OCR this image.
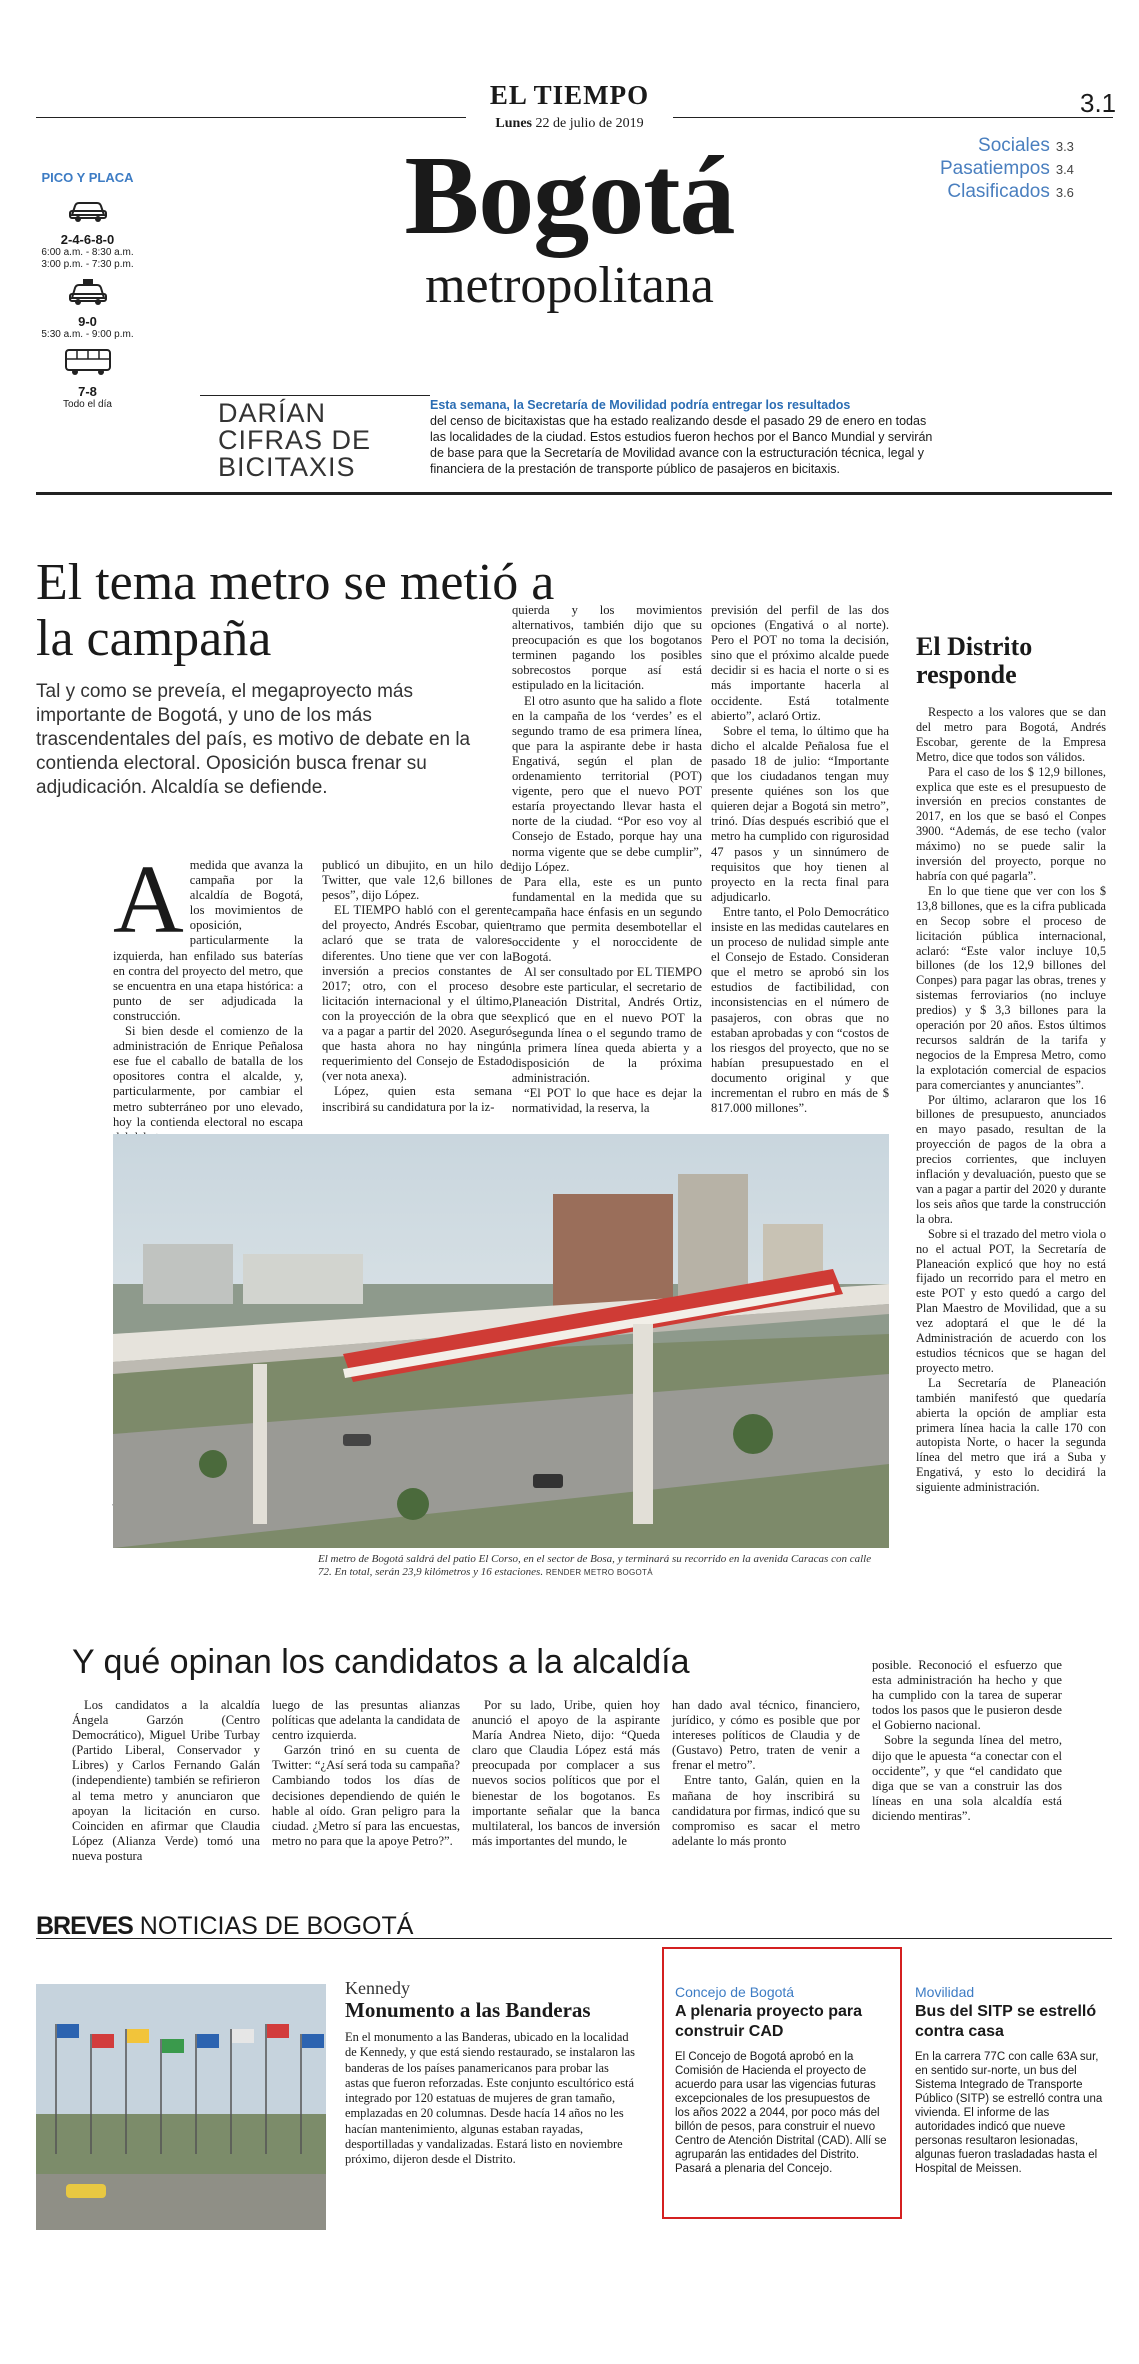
EL TIEMPO
Lunes 22 de julio de 2019
3.1
Sociales 3.3
Pasatiempos 3.4
Clasificados 3.6
Bogotá
metropolitana
PICO Y PLACA
2-4-6-8-0
6:00 a.m. - 8:30 a.m.
3:00 p.m. - 7:30 p.m.
9-0
5:30 a.m. - 9:00 p.m.
7-8
Todo el día	DARÍAN
CIFRAS DE
BICITAXIS
Esta semana, la Secretaría de Movilidad podría entregar los resultados
del censo de bicitaxistas que ha estado realizando desde el pasado 29 de enero en todas las localidades de la ciudad. Estos estudios fueron hechos por el Banco Mundial y servirán de base para que la Secretaría de Movilidad avance con la estructuración técnica, legal y financiera de la prestación de transporte público de pasajeros en bicitaxis.
El tema metro se metió a la campaña
Tal y como se preveía, el megaproyecto más importante de Bogotá, y uno de los más trascendentales del país, es motivo de debate en la contienda electoral. Oposición busca frenar su adjudicación. Alcaldía se defiende.

Amedida que avanza la campaña por la alcaldía de Bogotá, los movimientos de oposición, particularmente la izquierda, han enfilado sus baterías en contra del proyecto del metro, que se encuentra en una etapa histórica: a punto de ser adjudicada la construcción.

Si bien desde el comienzo de la administración de Enrique Peñalosa ese fue el caballo de batalla de los opositores contra el alcalde, y, particularmente, por cambiar el metro subterráneo por uno elevado, hoy la contienda electoral no escapa

publicó un dibujito, en un hilo de Twitter, que vale 12,6 billones de pesos”, dijo López.

EL TIEMPO habló con el gerente del proyecto, Andrés Escobar, quien aclaró que se trata de valores diferentes. Uno tiene que ver con la inversión a precios constantes de 2017; otro, con el proceso de licitación internacional y el último, con la proyección de la obra que se va a pagar a partir del 2020. Aseguró que hasta ahora no hay ningún requerimiento del Consejo de Estado (ver nota anexa).

López, quien esta semana inscribirá su candidatura por la iz-

quierda y los movimientos alternativos, también dijo que su preocupación es que los bogotanos terminen pagando los posibles sobrecostos porque así está estipulado en la licitación.

El otro asunto que ha salido a flote en la campaña de los ‘verdes’ es el segundo tramo de esa primera línea, que para la aspirante debe ir hasta Engativá, según el plan de ordenamiento territorial (POT) vigente, pero que el nuevo POT estaría proyectando llevar hasta el norte de la ciudad. “Por eso voy al Consejo de Estado, porque hay una norma vigente que se debe cumplir”, dijo López.

Para ella, este es un punto fundamental en la medida que su campaña hace énfasis en un segundo tramo que permita desembotellar el occidente y el noroccidente de Bogotá.

Al ser consultado por EL TIEMPO sobre este particular, el secretario de Planeación Distrital, Andrés Ortiz, explicó que en el nuevo POT la segunda línea o el segundo tramo de la primera línea queda abierta y a disposición de la próxima administración.

“El POT lo que hace es dejar la normatividad, la reserva, la

previsión del perfil de las dos opciones (Engativá o al norte). Pero el POT no toma la decisión, sino que el próximo alcalde puede decidir si es hacia el norte o si es más importante hacerla al occidente. Está totalmente abierto”, aclaró Ortiz.

Sobre el tema, lo último que ha dicho el alcalde Peñalosa fue el pasado 18 de julio: “Importante que los ciudadanos tengan muy presente quiénes son los que quieren dejar a Bogotá sin metro”, trinó. Días después escribió que el metro ha cumplido con rigurosidad 47 pasos y un sinnúmero de requisitos que hoy tienen al proyecto en la recta final para adjudicarlo.

Entre tanto, el Polo Democrático insiste en las medidas cautelares en un proceso de nulidad simple ante el Consejo de Estado. Consideran que el metro se aprobó sin los estudios de factibilidad, con inconsistencias en el número de pasajeros, con obras que no estaban aprobadas y con “costos de los riesgos del proyecto, que no se habían presupuestado en el documento original y que incrementan el rubro en más de $ 817.000 millones”.

El metro de Bogotá saldrá del patio El Corso, en el sector de Bosa, y terminará su recorrido en la avenida Caracas con calle 72. En total, serán 23,9 kilómetros y 16 estaciones. RENDER METRO BOGOTÁ
El Distrito responde

Respecto a los valores que se dan del metro para Bogotá, Andrés Escobar, gerente de la Empresa Metro, dice que todos son válidos.

Para el caso de los $ 12,9 billones, explica que este es el presupuesto de inversión en precios constantes de 2017, en los que se basó el Conpes 3900. “Además, de ese techo (valor máximo) no se puede salir la inversión del proyecto, porque no habría con qué pagarla”.

En lo que tiene que ver con los $ 13,8 billones, que es la cifra publicada en Secop sobre el proceso de licitación pública internacional, aclaró: “Este valor incluye 10,5 billones (de los 12,9 billones del Conpes) para pagar las obras, trenes y sistemas ferroviarios (no incluye predios) y $ 3,3 billones para la operación por 20 años. Estos últimos recursos saldrán de la tarifa y negocios de la Empresa Metro, como la explotación comercial de espacios para comerciantes y anunciantes”.

Por último, aclararon que los 16 billones de presupuesto, anunciados en mayo pasado, resultan de la proyección de pagos de la obra a precios corrientes, que incluyen inflación y devaluación, puesto que se van a pagar a partir del 2020 y durante los seis años que tarde la construcción la obra.

Sobre si el trazado del metro viola o no el actual POT, la Secretaría de Planeación explicó que hoy no está fijado un recorrido para el metro en este POT y esto quedó a cargo del Plan Maestro de Movilidad, que a su vez adoptará el que le dé la Administración de acuerdo con los estudios técnicos que se hagan del proyecto metro.

La Secretaría de Planeación también manifestó que quedaría abierta la opción de ampliar esta primera línea hacia la calle 170 con autopista Norte, o hacer la segunda línea del metro que irá a Suba y Engativá, y esto lo decidirá la siguiente administración.

Y qué opinan los candidatos a la alcaldía

Los candidatos a la alcaldía Ángela Garzón (Centro Democrático), Miguel Uribe Turbay (Partido Liberal, Conservador y Libres) y Carlos Fernando Galán (independiente) también se refirieron al tema metro y anunciaron que apoyan la licitación en curso. Coinciden en afirmar que Claudia López (Alianza Verde) tomó una nueva postura

luego de las presuntas alianzas políticas que adelanta la candidata de centro izquierda.

Garzón trinó en su cuenta de Twitter: “¿Así será toda su campaña? Cambiando todos los días de decisiones dependiendo de quién le hable al oído. Gran peligro para la ciudad. ¿Metro sí para las encuestas, metro no para que la apoye Petro?”.

Por su lado, Uribe, quien hoy anunció el apoyo de la aspirante María Andrea Nieto, dijo: “Queda claro que Claudia López está más preocupada por complacer a sus nuevos socios políticos que por el bienestar de los bogotanos. Es importante señalar que la banca multilateral, los bancos de inversión más importantes del mundo, le

han dado aval técnico, financiero, jurídico, y cómo es posible que por intereses políticos de Claudia y de (Gustavo) Petro, traten de venir a frenar el metro”.

Entre tanto, Galán, quien en la mañana de hoy inscribirá su candidatura por firmas, indicó que su compromiso es sacar el metro adelante lo más pronto

posible. Reconoció el esfuerzo que esta administración ha hecho y que ha cumplido con la tarea de superar todos los pasos que le pusieron desde el Gobierno nacional.

Sobre la segunda línea del metro, dijo que le apuesta “a conectar con el occidente”, y que “el candidato que diga que se van a construir las dos líneas en una sola alcaldía está diciendo mentiras”.

BREVES NOTICIAS DE BOGOTÁ
Kennedy
Monumento a las Banderas
En el monumento a las Banderas, ubicado en la localidad de Kennedy, y que está siendo restaurado, se instalaron las banderas de los países panamericanos para probar las astas que fueron reforzadas. Este conjunto escultórico está integrado por 120 estatuas de mujeres de gran tamaño, emplazadas en 20 columnas. Desde hacía 14 años no les hacían mantenimiento, algunas estaban rayadas, desportilladas y vandalizadas. Estará listo en noviembre próximo, dijeron desde el Distrito.
Concejo de Bogotá
A plenaria proyecto para construir CAD
El Concejo de Bogotá aprobó en la Comisión de Hacienda el proyecto de acuerdo para usar las vigencias futuras excepcionales de los presupuestos de los años 2022 a 2044, por poco más del billón de pesos, para construir el nuevo Centro de Atención Distrital (CAD). Allí se agruparán las entidades del Distrito. Pasará a plenaria del Concejo.
Movilidad
Bus del SITP se estrelló contra casa
En la carrera 77C con calle 63A sur, en sentido sur-norte, un bus del Sistema Integrado de Transporte Público (SITP) se estrelló contra una vivienda. El informe de las autoridades indicó que nueve personas resultaron lesionadas, algunas fueron trasladadas hasta el Hospital de Meissen.
